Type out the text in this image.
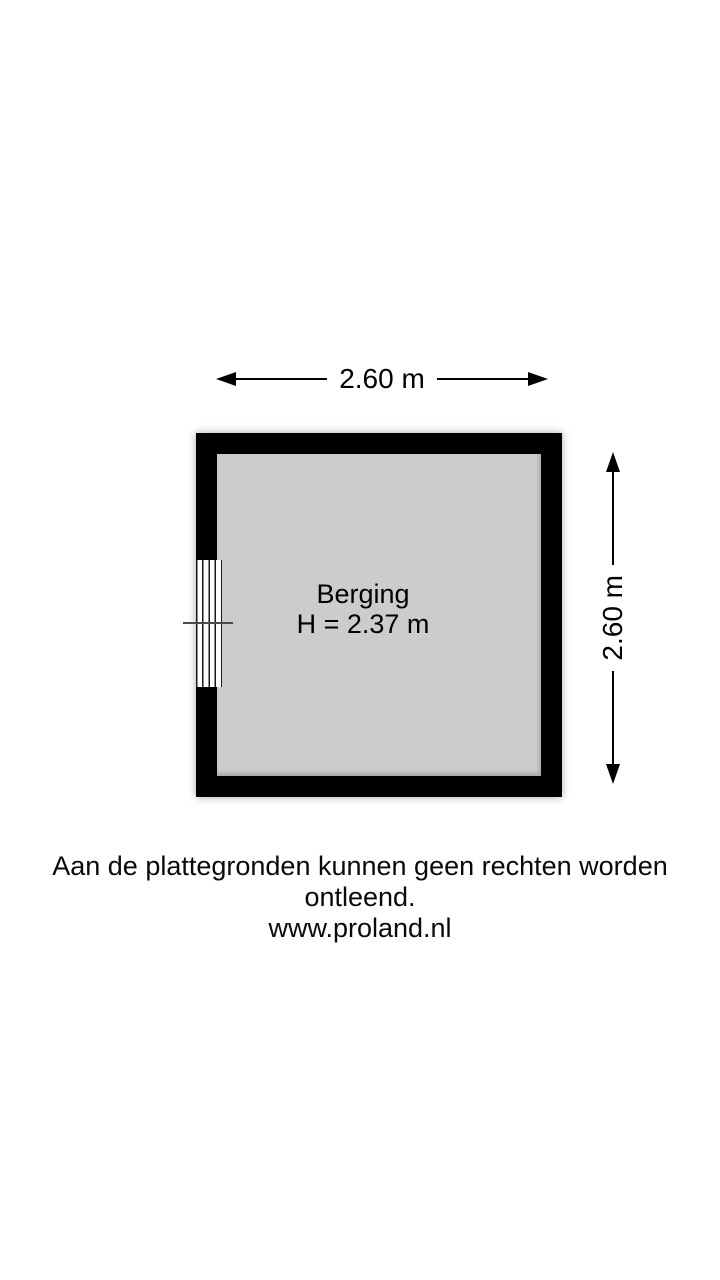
2.60 m
Berging
H = 2.37 m	2.60 m
Aan de plattegronden kunnen geen rechten worden ontleend.
www.proland.nl
